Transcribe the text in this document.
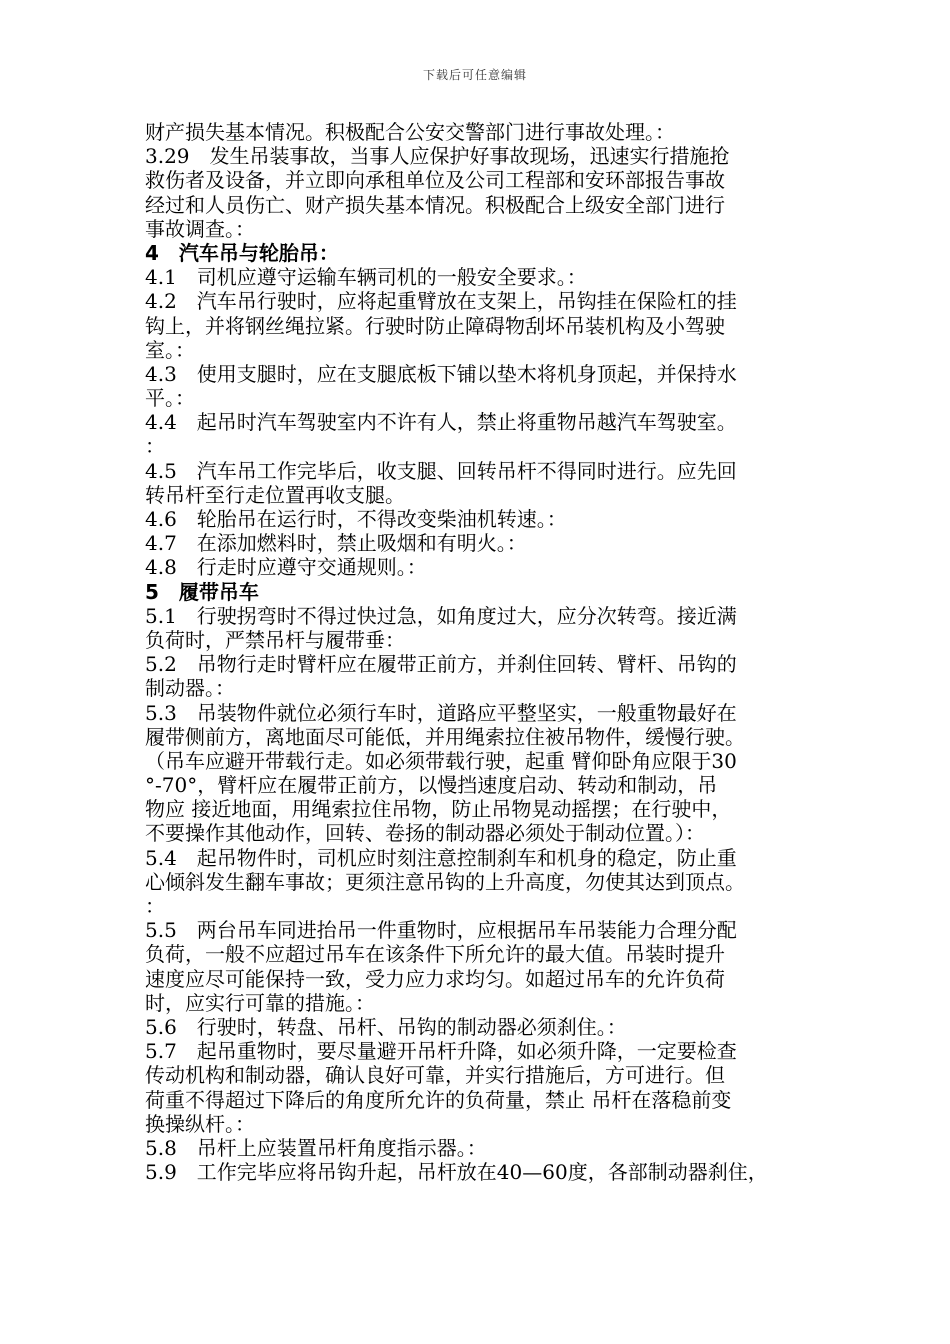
下载后可任意编辑
财产损失基本情况。积极配合公安交警部门进行事故处理。：
3.29　发生吊装事故，当事人应保护好事故现场，迅速实行措施抢
救伤者及设备，并立即向承租单位及公司工程部和安环部报告事故
经过和人员伤亡、财产损失基本情况。积极配合上级安全部门进行
事故调查。：
4　汽车吊与轮胎吊：
4.1　司机应遵守运输车辆司机的一般安全要求。：
4.2　汽车吊行驶时，应将起重臂放在支架上，吊钩挂在保险杠的挂
钩上，并将钢丝绳拉紧。行驶时防止障碍物刮坏吊装机构及小驾驶
室。：
4.3　使用支腿时，应在支腿底板下铺以垫木将机身顶起，并保持水
平。：
4.4　起吊时汽车驾驶室内不许有人，禁止将重物吊越汽车驾驶室。
：
4.5　汽车吊工作完毕后，收支腿、回转吊杆不得同时进行。应先回
转吊杆至行走位置再收支腿。
4.6　轮胎吊在运行时，不得改变柴油机转速。：
4.7　在添加燃料时，禁止吸烟和有明火。：
4.8　行走时应遵守交通规则。：
5　履带吊车
5.1　行驶拐弯时不得过快过急，如角度过大，应分次转弯。接近满
负荷时，严禁吊杆与履带垂：
5.2　吊物行走时臂杆应在履带正前方，并刹住回转、臂杆、吊钩的
制动器。：
5.3　吊装物件就位必须行车时，道路应平整坚实，一般重物最好在
履带侧前方，离地面尽可能低，并用绳索拉住被吊物件，缓慢行驶。
（吊车应避开带载行走。如必须带载行驶，起重 臂仰卧角应限于30
°-70°，臂杆应在履带正前方，以慢挡速度启动、转动和制动，吊
物应 接近地面，用绳索拉住吊物，防止吊物晃动摇摆；在行驶中，
不要操作其他动作，回转、卷扬的制动器必须处于制动位置。）：
5.4　起吊物件时，司机应时刻注意控制刹车和机身的稳定，防止重
心倾斜发生翻车事故；更须注意吊钩的上升高度，勿使其达到顶点。
：
5.5　两台吊车同进抬吊一件重物时，应根据吊车吊装能力合理分配
负荷，一般不应超过吊车在该条件下所允许的最大值。吊装时提升
速度应尽可能保持一致，受力应力求均匀。如超过吊车的允许负荷
时，应实行可靠的措施。：
5.6　行驶时，转盘、吊杆、吊钩的制动器必须刹住。：
5.7　起吊重物时，要尽量避开吊杆升降，如必须升降，一定要检查
传动机构和制动器，确认良好可靠，并实行措施后，方可进行。但
荷重不得超过下降后的角度所允许的负荷量，禁止 吊杆在落稳前变
换操纵杆。：
5.8　吊杆上应装置吊杆角度指示器。：
5.9　工作完毕应将吊钩升起，吊杆放在40—60度，各部制动器刹住，
